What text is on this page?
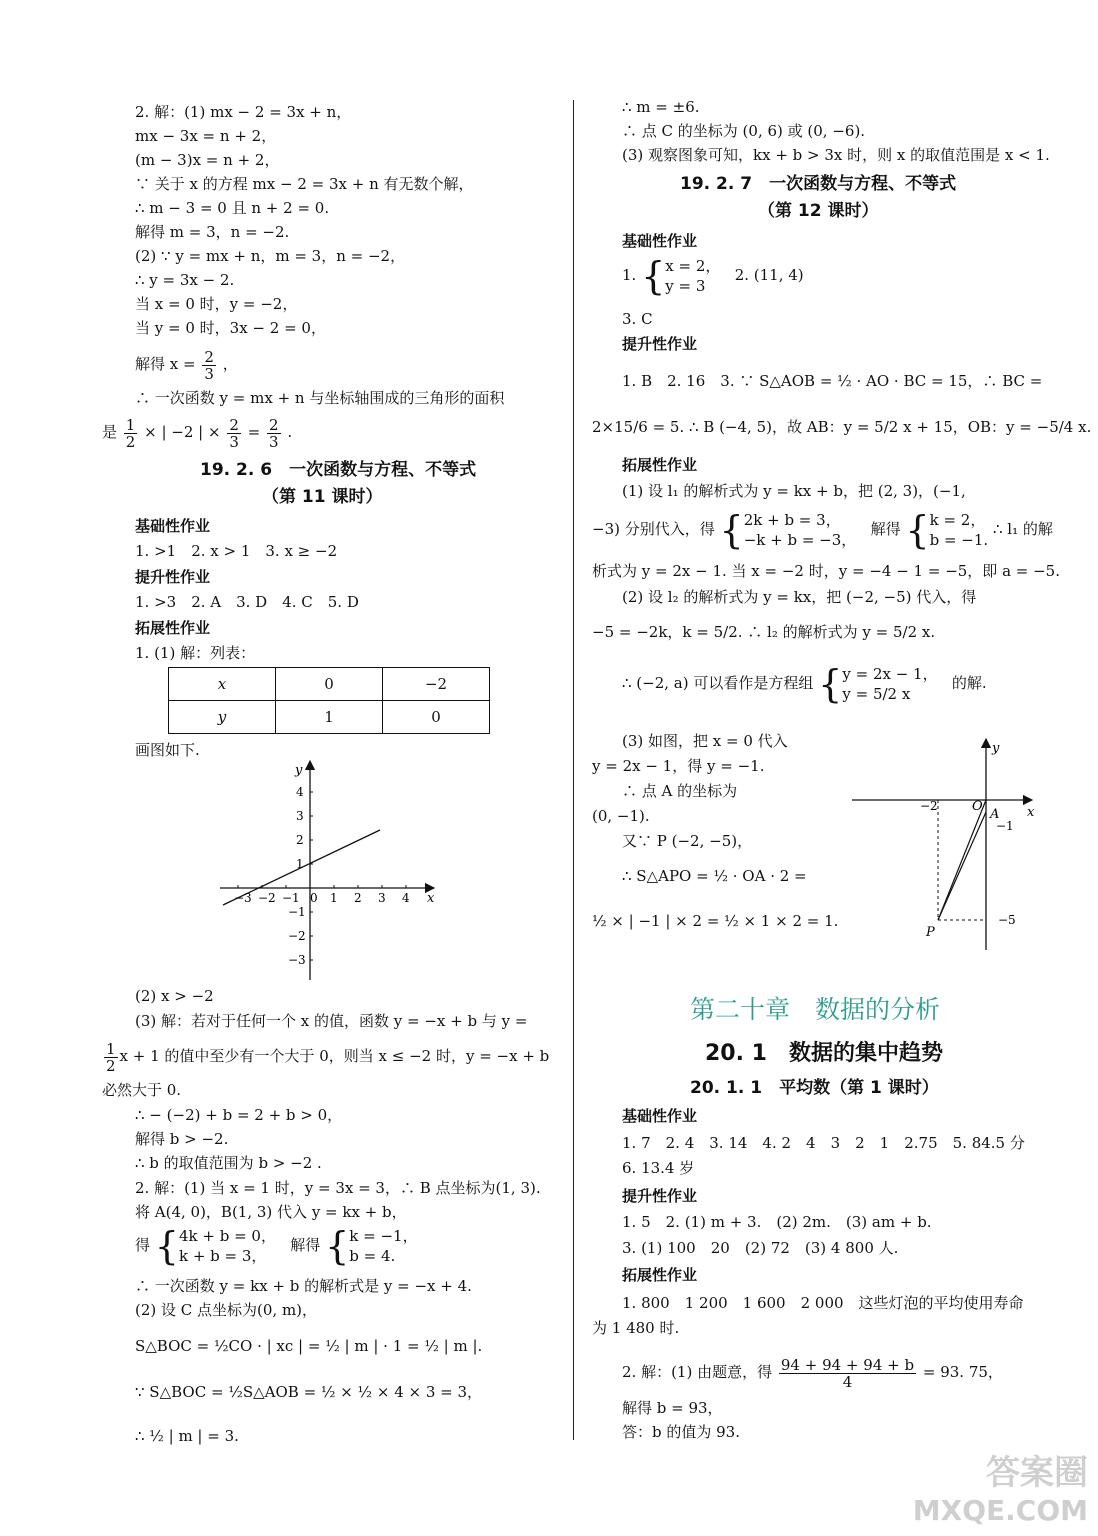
2. 解：(1) mx − 2 = 3x + n，
mx − 3x = n + 2，
(m − 3)x = n + 2，
∵ 关于 x 的方程 mx − 2 = 3x + n 有无数个解，
∴ m − 3 = 0 且 n + 2 = 0.
解得 m = 3，n = −2.
(2) ∵ y = mx + n，m = 3，n = −2，
∴ y = 3x − 2.
当 x = 0 时，y = −2，
当 y = 0 时，3x − 2 = 0，
解得 $x = \frac{2}{3}$ ，
∴ 一次函数 y = mx + n 与坐标轴围成的三角形的面积
是 $\frac{1}{2}$ × | −2 | × $\frac{2}{3} = \frac{2}{3}$ .
19. 2. 6　一次函数与方程、不等式
（第 11 课时）
基础性作业
1. >1　2. x > 1　3. x ≥ −2
提升性作业
1. >3　2. A　3. D　4. C　5. D
拓展性作业
1. (1) 解：列表：
x	0	−2
y	1	0
画图如下.
−3 −2 −1 0 1 2 3 4
4
3
2
1
−1
−2
−3
x
y
(2) x > −2
(3) 解：若对于任何一个 x 的值，函数 y = −x + b 与 y =
$\frac{1}{2}$ x + 1 的值中至少有一个大于 0，则当 x ≤ −2 时，y = −x + b
必然大于 0.
∴ − (−2) + b = 2 + b > 0，
解得 b > −2.
∴ b 的取值范围为 b > −2 .
2. 解：(1) 当 x = 1 时，y = 3x = 3，∴ B 点坐标为(1, 3).
将 A(4, 0)，B(1, 3) 代入 y = kx + b，
得 { 4k + b = 0，
k + b = 3，
解得 { k = −1，
b = 4.
∴ 一次函数 y = kx + b 的解析式是 y = −x + 4.
(2) 设 C 点坐标为(0, m)，
S△BOC = ½CO · | xc | = ½ | m | · 1 = ½ | m |.
∵ S△BOC = ½S△AOB = ½ × ½ × 4 × 3 = 3，
∴ ½ | m | = 3.
∴ m = ±6.
∴ 点 C 的坐标为 (0, 6) 或 (0, −6).
(3) 观察图象可知，kx + b > 3x 时，则 x 的取值范围是 x < 1.
19. 2. 7　一次函数与方程、不等式
（第 12 课时）
基础性作业
1. { x = 2，
y = 3
2. (11, 4)
3. C
提升性作业
1. B　2. 16　3. ∵ S△AOB = ½ · AO · BC = 15，∴ BC =
2×15/6 = 5. ∴ B (−4, 5)，故 AB：y = 5/2 x + 15，OB：y = −5/4 x.
拓展性作业
(1) 设 l₁ 的解析式为 y = kx + b，把 (2, 3)，(−1,
−3) 分别代入，得 { 2k + b = 3，
−k + b = −3，
解得 { k = 2，
b = −1.
∴ l₁ 的解
析式为 y = 2x − 1. 当 x = −2 时，y = −4 − 1 = −5，即 a = −5.
(2) 设 l₂ 的解析式为 y = kx，把 (−2, −5) 代入，得
−5 = −2k，k = 5/2. ∴ l₂ 的解析式为 y = 5/2 x.
∴ (−2, a) 可以看作是方程组 { y = 2x − 1，
y = 5/2 x
的解.
(3) 如图，把 x = 0 代入
y = 2x − 1，得 y = −1.
∴ 点 A 的坐标为
(0, −1).
又∵ P (−2, −5)，
∴ S△APO = ½ · OA · 2 =
½ × | −1 | × 2 = ½ × 1 × 2 = 1.
y
x
O
A
−1
−2
−5
P
第二十章　数据的分析
20. 1　数据的集中趋势
20. 1. 1　平均数（第 1 课时）
基础性作业
1. 7　2. 4　3. 14　4. 2　4　3　2　1　2.75　5. 84.5 分
6. 13.4 岁
提升性作业
1. 5　2. (1) m + 3.　(2) 2m.　(3) am + b.
3. (1) 100　20　(2) 72　(3) 4 800 人.
拓展性作业
1. 800　1 200　1 600　2 000　这些灯泡的平均使用寿命
为 1 480 时.
2. 解：(1) 由题意，得 $\frac{94 + 94 + 94 + b}{4} = 93$. 75，
解得 b = 93，
答：b 的值为 93.
答案圈
MXQE.COM
